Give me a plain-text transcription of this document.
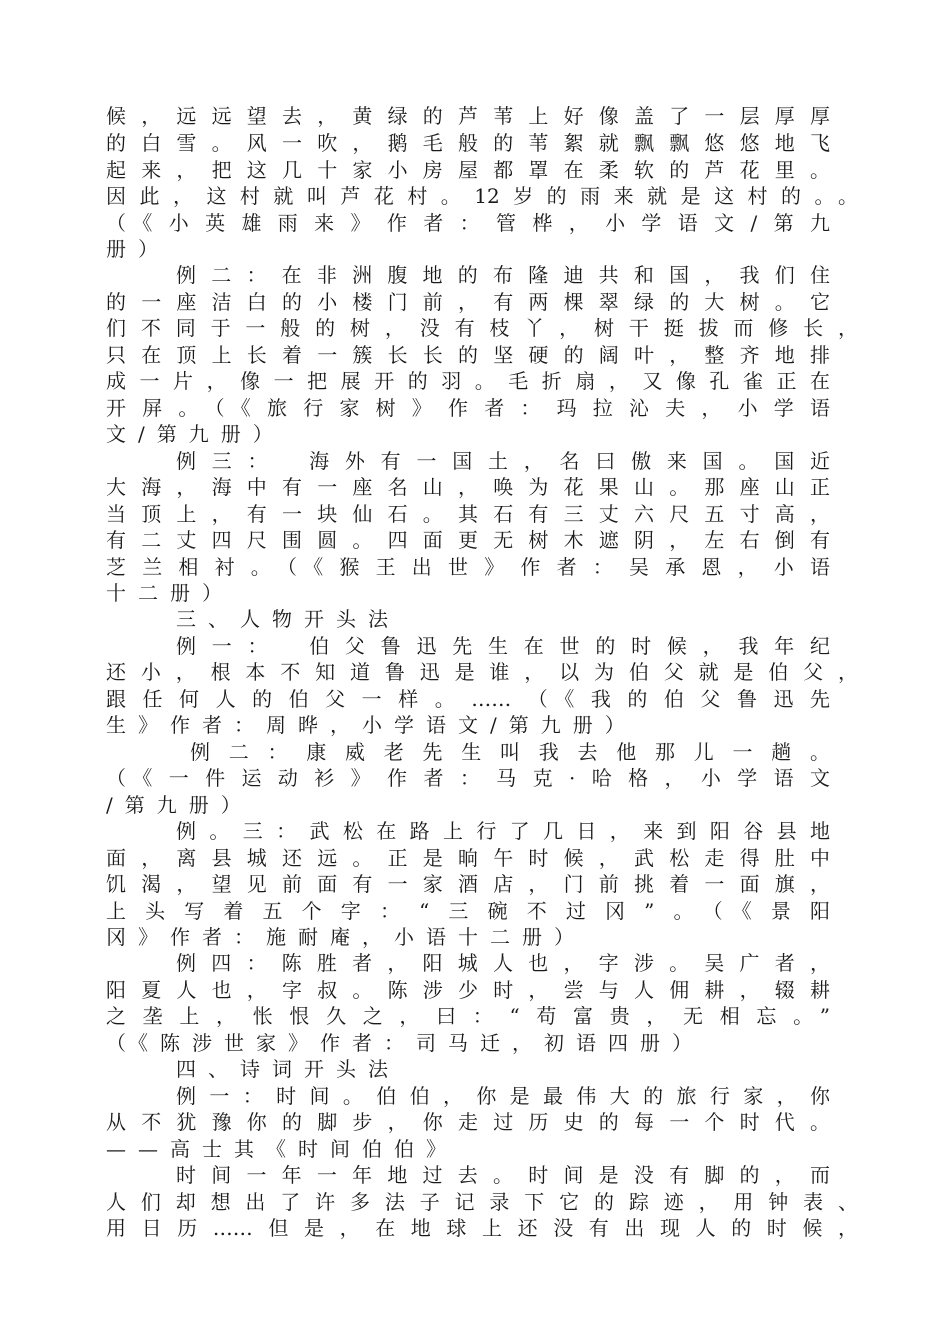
候，远远望去，黄绿的芦苇上好像盖了一层厚厚
的白雪。风一吹，鹅毛般的苇絮就飘飘悠悠地飞
起来，把这几十家小房屋都罩在柔软的芦花里。
因此，这村就叫芦花村。12岁的雨来就是这村的。。
（《小英雄雨来》作者：管桦，小学语文/第九
册）
例二：在非洲腹地的布隆迪共和国，我们住
的一座洁白的小楼门前，有两棵翠绿的大树。它
们不同于一般的树，没有枝丫，树干挺拔而修长，
只在顶上长着一簇长长的坚硬的阔叶，整齐地排
成一片，像一把展开的羽。毛折扇，又像孔雀正在
开屏。（《旅行家树》作者：玛拉沁夫，小学语
文/第九册）
例三：　海外有一国土，名曰傲来国。国近
大海，海中有一座名山，唤为花果山。那座山正
当顶上，有一块仙石。其石有三丈六尺五寸高，
有二丈四尺围圆。四面更无树木遮阴，左右倒有
芝兰相衬。（《猴王出世》作者：吴承恩，小语
十二册）
三、人物开头法
例一：　伯父鲁迅先生在世的时候，我年纪
还小，根本不知道鲁迅是谁，以为伯父就是伯父，
跟任何人的伯父一样。……（《我的伯父鲁迅先
生》作者：周晔，小学语文/第九册）
例二：康威老先生叫我去他那儿一趟。
（《一件运动衫》作者：马克·哈格，小学语文
/第九册）
例。三：武松在路上行了几日，来到阳谷县地
面，离县城还远。正是晌午时候，武松走得肚中
饥渴，望见前面有一家酒店，门前挑着一面旗，
上头写着五个字：“三碗不过冈”。（《景阳
冈》作者：施耐庵，小语十二册）
例四：陈胜者，阳城人也，字涉。吴广者，
阳夏人也，字叔。陈涉少时，尝与人佣耕，辍耕
之垄上，怅恨久之，曰：“苟富贵，无相忘。”
（《陈涉世家》作者：司马迁，初语四册）
四、诗词开头法
例一：时间。伯伯，你是最伟大的旅行家，你
从不犹豫你的脚步，你走过历史的每一个时代。
——高士其《时间伯伯》
时间一年一年地过去。时间是没有脚的，而
人们却想出了许多法子记录下它的踪迹，用钟表、
用日历……但是，在地球上还没有出现人的时候，
